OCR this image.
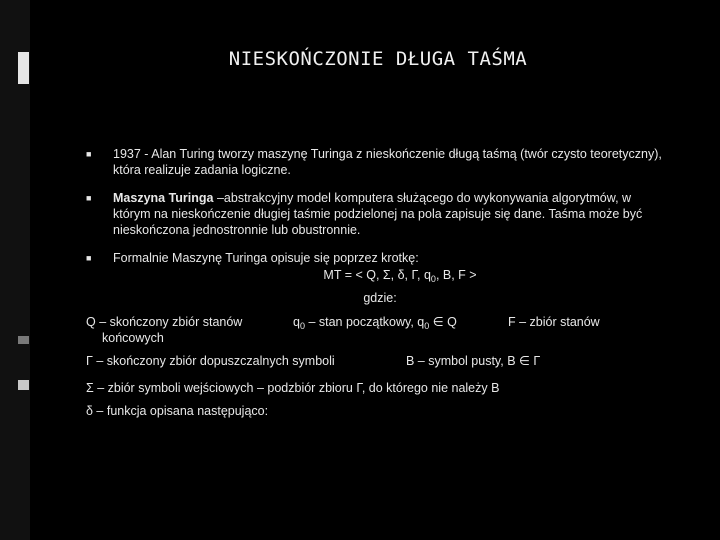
NIESKOŃCZONIE DŁUGA TAŚMA
■ 1937 - Alan Turing tworzy maszynę Turinga z nieskończenie długą taśmą (twór czysto teoretyczny), która realizuje zadania logiczne.
■ Maszyna Turinga –abstrakcyjny model komputera służącego do wykonywania algorytmów, w którym na nieskończenie długiej taśmie podzielonej na pola zapisuje się dane. Taśma może być nieskończona jednostronnie lub obustronnie.
■ Formalnie Maszynę Turinga opisuje się poprzez krotkę:
MT = < Q, Σ, δ, Γ, $q_0$, B, F >
gdzie:
Q – skończony zbiór stanów
końcowych
$q_0$ – stan początkowy, $q_0$ ∈ Q	F – zbiór stanów
Γ – skończony zbiór dopuszczalnych symboli	B – symbol pusty, B ∈ Γ
Σ – zbiór symboli wejściowych – podzbiór zbioru Γ, do którego nie należy B
δ – funkcja opisana następująco:
